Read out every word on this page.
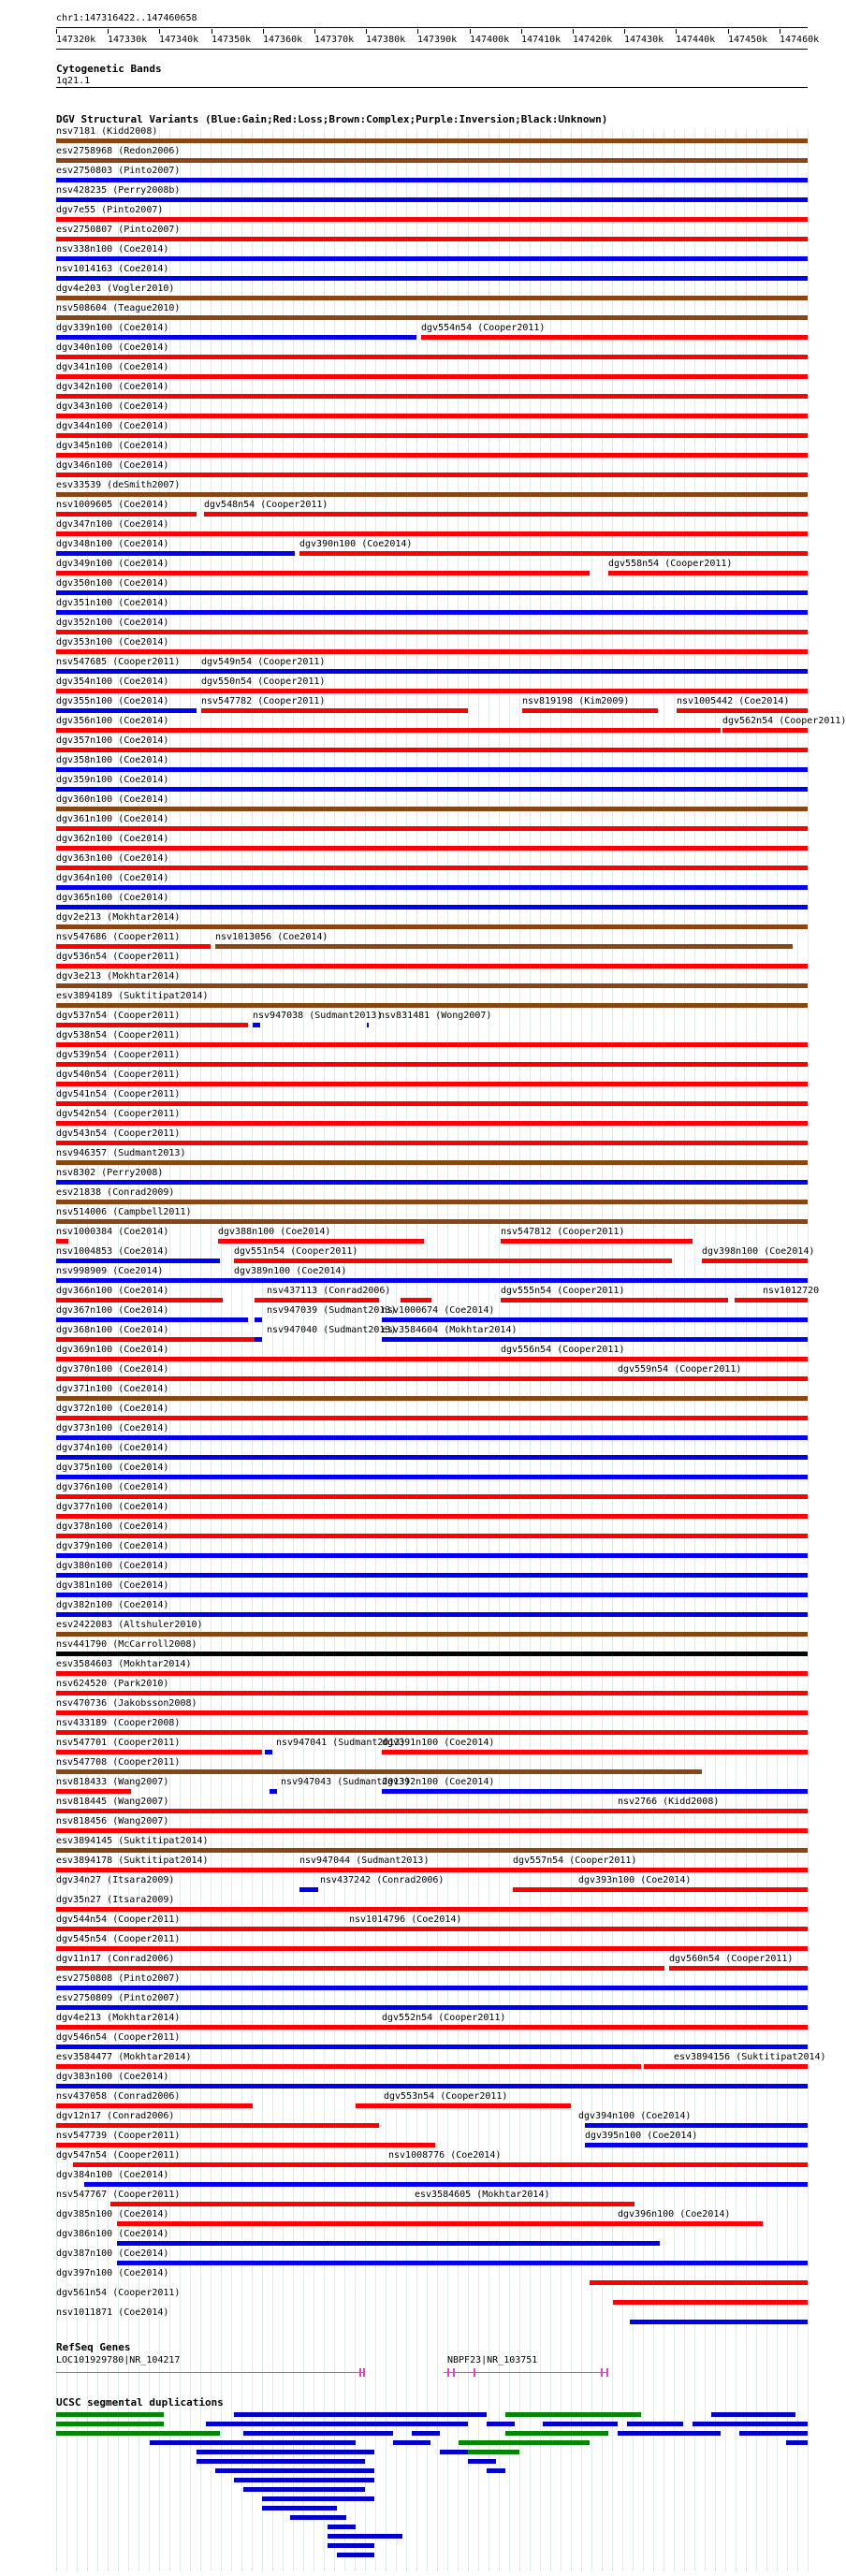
chr1:147316422..147460658
147320k 147330k 147340k 147350k 147360k 147370k 147380k 147390k 147400k 147410k 147420k 147430k 147440k 147450k 147460k
Cytogenetic Bands
1q21.1
DGV Structural Variants (Blue:Gain;Red:Loss;Brown:Complex;Purple:Inversion;Black:Unknown)
nsv7181 (Kidd2008)
esv2758968 (Redon2006)
esv2750803 (Pinto2007)
nsv428235 (Perry2008b)
dgv7e55 (Pinto2007)
esv2750807 (Pinto2007)
nsv338n100 (Coe2014)
nsv1014163 (Coe2014)
dgv4e203 (Vogler2010)
nsv508604 (Teague2010)
dgv339n100 (Coe2014)	dgv554n54 (Cooper2011)
dgv340n100 (Coe2014)
dgv341n100 (Coe2014)
dgv342n100 (Coe2014)
dgv343n100 (Coe2014)
dgv344n100 (Coe2014)
dgv345n100 (Coe2014)
dgv346n100 (Coe2014)
esv33539 (deSmith2007)
nsv1009605 (Coe2014)	dgv548n54 (Cooper2011)
dgv347n100 (Coe2014)
dgv348n100 (Coe2014)	dgv390n100 (Coe2014)
dgv349n100 (Coe2014)	dgv558n54 (Cooper2011)
dgv350n100 (Coe2014)
dgv351n100 (Coe2014)
dgv352n100 (Coe2014)
dgv353n100 (Coe2014)
nsv547685 (Cooper2011) dgv549n54 (Cooper2011)
dgv354n100 (Coe2014)	dgv550n54 (Cooper2011)
dgv355n100 (Coe2014)	nsv547782 (Cooper2011)	nsv819198 (Kim2009)	nsv1005442 (Coe2014)
dgv356n100 (Coe2014)	dgv562n54 (Cooper2011)
dgv357n100 (Coe2014)
dgv358n100 (Coe2014)
dgv359n100 (Coe2014)
dgv360n100 (Coe2014)
dgv361n100 (Coe2014)
dgv362n100 (Coe2014)
dgv363n100 (Coe2014)
dgv364n100 (Coe2014)
dgv365n100 (Coe2014)
dgv2e213 (Mokhtar2014)
nsv547686 (Cooper2011)	nsv1013056 (Coe2014)
dgv536n54 (Cooper2011)
dgv3e213 (Mokhtar2014)
esv3894189 (Suktitipat2014)
dgv537n54 (Cooper2011)	nsv947038 (Sudmant2013)
nsv831481 (Wong2007)
dgv538n54 (Cooper2011)
dgv539n54 (Cooper2011)
dgv540n54 (Cooper2011)
dgv541n54 (Cooper2011)
dgv542n54 (Cooper2011)
dgv543n54 (Cooper2011)
nsv946357 (Sudmant2013)
nsv8302 (Perry2008)
esv21838 (Conrad2009)
nsv514006 (Campbell2011)
nsv1000384 (Coe2014)	dgv388n100 (Coe2014)	nsv547812 (Cooper2011)
nsv1004853 (Coe2014)	dgv551n54 (Cooper2011)	dgv398n100 (Coe2014)
nsv998909 (Coe2014)	dgv389n100 (Coe2014)
dgv366n100 (Coe2014)	nsv437113 (Conrad2006)	dgv555n54 (Cooper2011)	nsv1012720
dgv367n100 (Coe2014)	nsv947039 (Sudmant2013)
nsv1000674 (Coe2014)
dgv368n100 (Coe2014)	nsv947040 (Sudmant2013)
esv3584604 (Mokhtar2014)
dgv369n100 (Coe2014)	dgv556n54 (Cooper2011)
dgv370n100 (Coe2014)	dgv559n54 (Cooper2011)
dgv371n100 (Coe2014)
dgv372n100 (Coe2014)
dgv373n100 (Coe2014)
dgv374n100 (Coe2014)
dgv375n100 (Coe2014)
dgv376n100 (Coe2014)
dgv377n100 (Coe2014)
dgv378n100 (Coe2014)
dgv379n100 (Coe2014)
dgv380n100 (Coe2014)
dgv381n100 (Coe2014)
dgv382n100 (Coe2014)
esv2422083 (Altshuler2010)
nsv441790 (McCarroll2008)
esv3584603 (Mokhtar2014)
nsv624520 (Park2010)
nsv470736 (Jakobsson2008)
nsv433189 (Cooper2008)
nsv547701 (Cooper2011)	nsv947041 (Sudmant2013)
dgv391n100 (Coe2014)
nsv547708 (Cooper2011)
nsv818433 (Wang2007)	nsv947043 (Sudmant2013)
dgv392n100 (Coe2014)
nsv818445 (Wang2007)	nsv2766 (Kidd2008)
nsv818456 (Wang2007)
esv3894145 (Suktitipat2014)
esv3894178 (Suktitipat2014)	nsv947044 (Sudmant2013)	dgv557n54 (Cooper2011)
dgv34n27 (Itsara2009)	nsv437242 (Conrad2006)	dgv393n100 (Coe2014)
dgv35n27 (Itsara2009)
dgv544n54 (Cooper2011)	nsv1014796 (Coe2014)
dgv545n54 (Cooper2011)
dgv11n17 (Conrad2006)	dgv560n54 (Cooper2011)
esv2750808 (Pinto2007)
esv2750809 (Pinto2007)
dgv4e213 (Mokhtar2014)	dgv552n54 (Cooper2011)
dgv546n54 (Cooper2011)
esv3584477 (Mokhtar2014)	esv3894156 (Suktitipat2014)
dgv383n100 (Coe2014)
nsv437058 (Conrad2006)	dgv553n54 (Cooper2011)
dgv12n17 (Conrad2006)	dgv394n100 (Coe2014)
nsv547739 (Cooper2011)	dgv395n100 (Coe2014)
dgv547n54 (Cooper2011)	nsv1008776 (Coe2014)
dgv384n100 (Coe2014)
nsv547767 (Cooper2011)	esv3584605 (Mokhtar2014)
dgv385n100 (Coe2014)	dgv396n100 (Coe2014)
dgv386n100 (Coe2014)
dgv387n100 (Coe2014)
dgv397n100 (Coe2014)
dgv561n54 (Cooper2011)
nsv1011871 (Coe2014)
RefSeq Genes
LOC101929780|NR_104217	NBPF23|NR_103751
UCSC segmental duplications
